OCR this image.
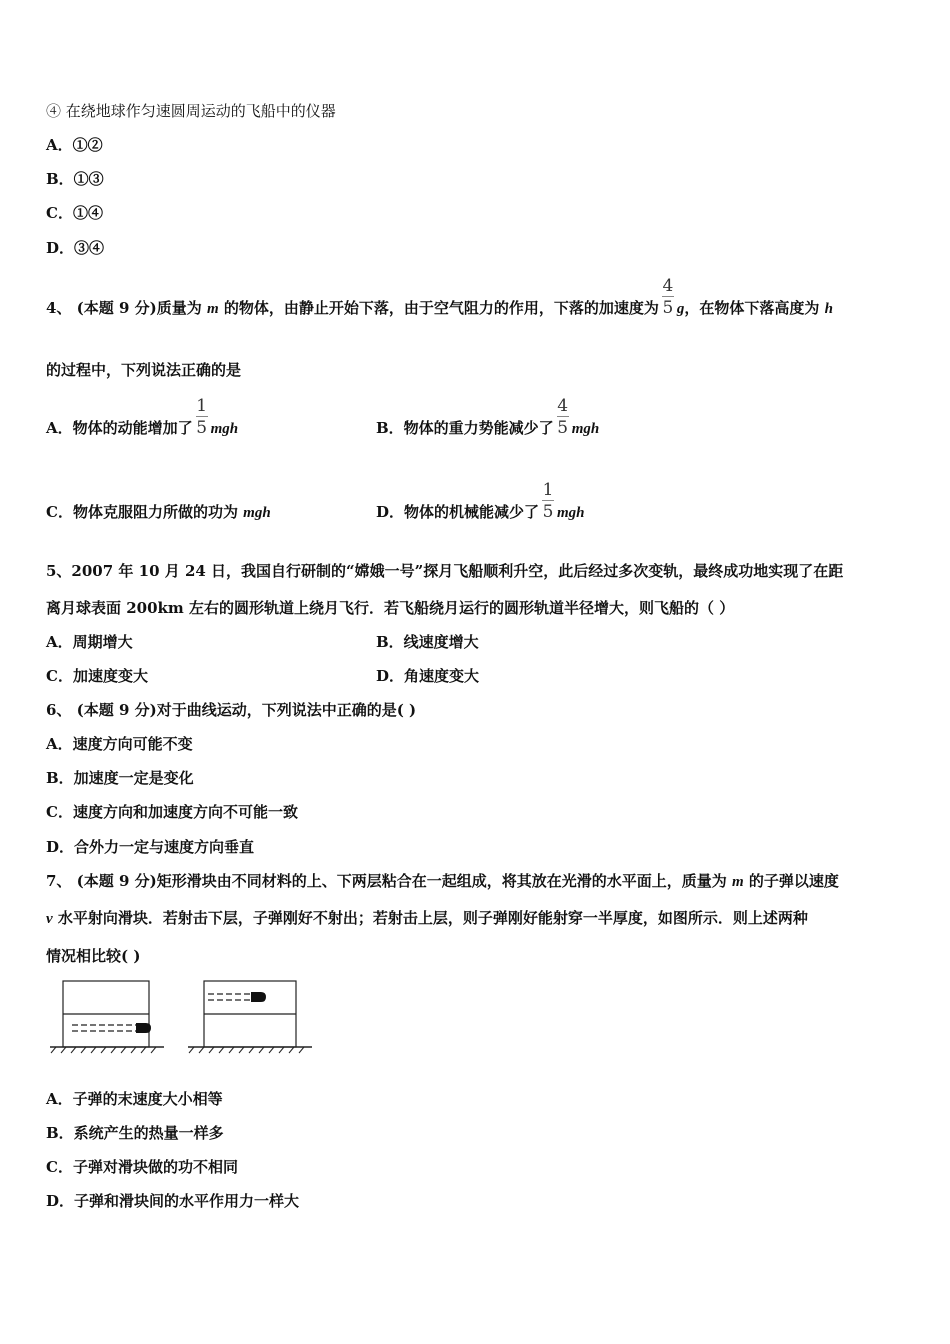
④ 在绕地球作匀速圆周运动的飞船中的仪器
A．①②
B．①③
C．①④
D．③④
4、 (本题 9 分)质量为 m 的物体，由静止开始下落，由于空气阻力的作用，下落的加速度为 $\frac{4}{5}$ g，在物体下落高度为 h
的过程中，下列说法正确的是
A．物体的动能增加了 $\frac{1}{5}$ mgh	B．物体的重力势能减少了 $\frac{4}{5}$ mgh
C．物体克服阻力所做的功为 mgh	D．物体的机械能减少了 $\frac{1}{5}$ mgh
5、2007 年 10 月 24 日，我国自行研制的“嫦娥一号”探月飞船顺利升空，此后经过多次变轨，最终成功地实现了在距
离月球表面 200km 左右的圆形轨道上绕月飞行．若飞船绕月运行的圆形轨道半径增大，则飞船的（ ）
A．周期增大	B．线速度增大
C．加速度变大	D．角速度变大
6、 (本题 9 分)对于曲线运动，下列说法中正确的是( )
A．速度方向可能不变
B．加速度一定是变化
C．速度方向和加速度方向不可能一致
D．合外力一定与速度方向垂直
7、 (本题 9 分)矩形滑块由不同材料的上、下两层粘合在一起组成，将其放在光滑的水平面上，质量为 m 的子弹以速度
v 水平射向滑块．若射击下层，子弹刚好不射出；若射击上层，则子弹刚好能射穿一半厚度，如图所示．则上述两种
情况相比较( )
A．子弹的末速度大小相等
B．系统产生的热量一样多
C．子弹对滑块做的功不相同
D．子弹和滑块间的水平作用力一样大
